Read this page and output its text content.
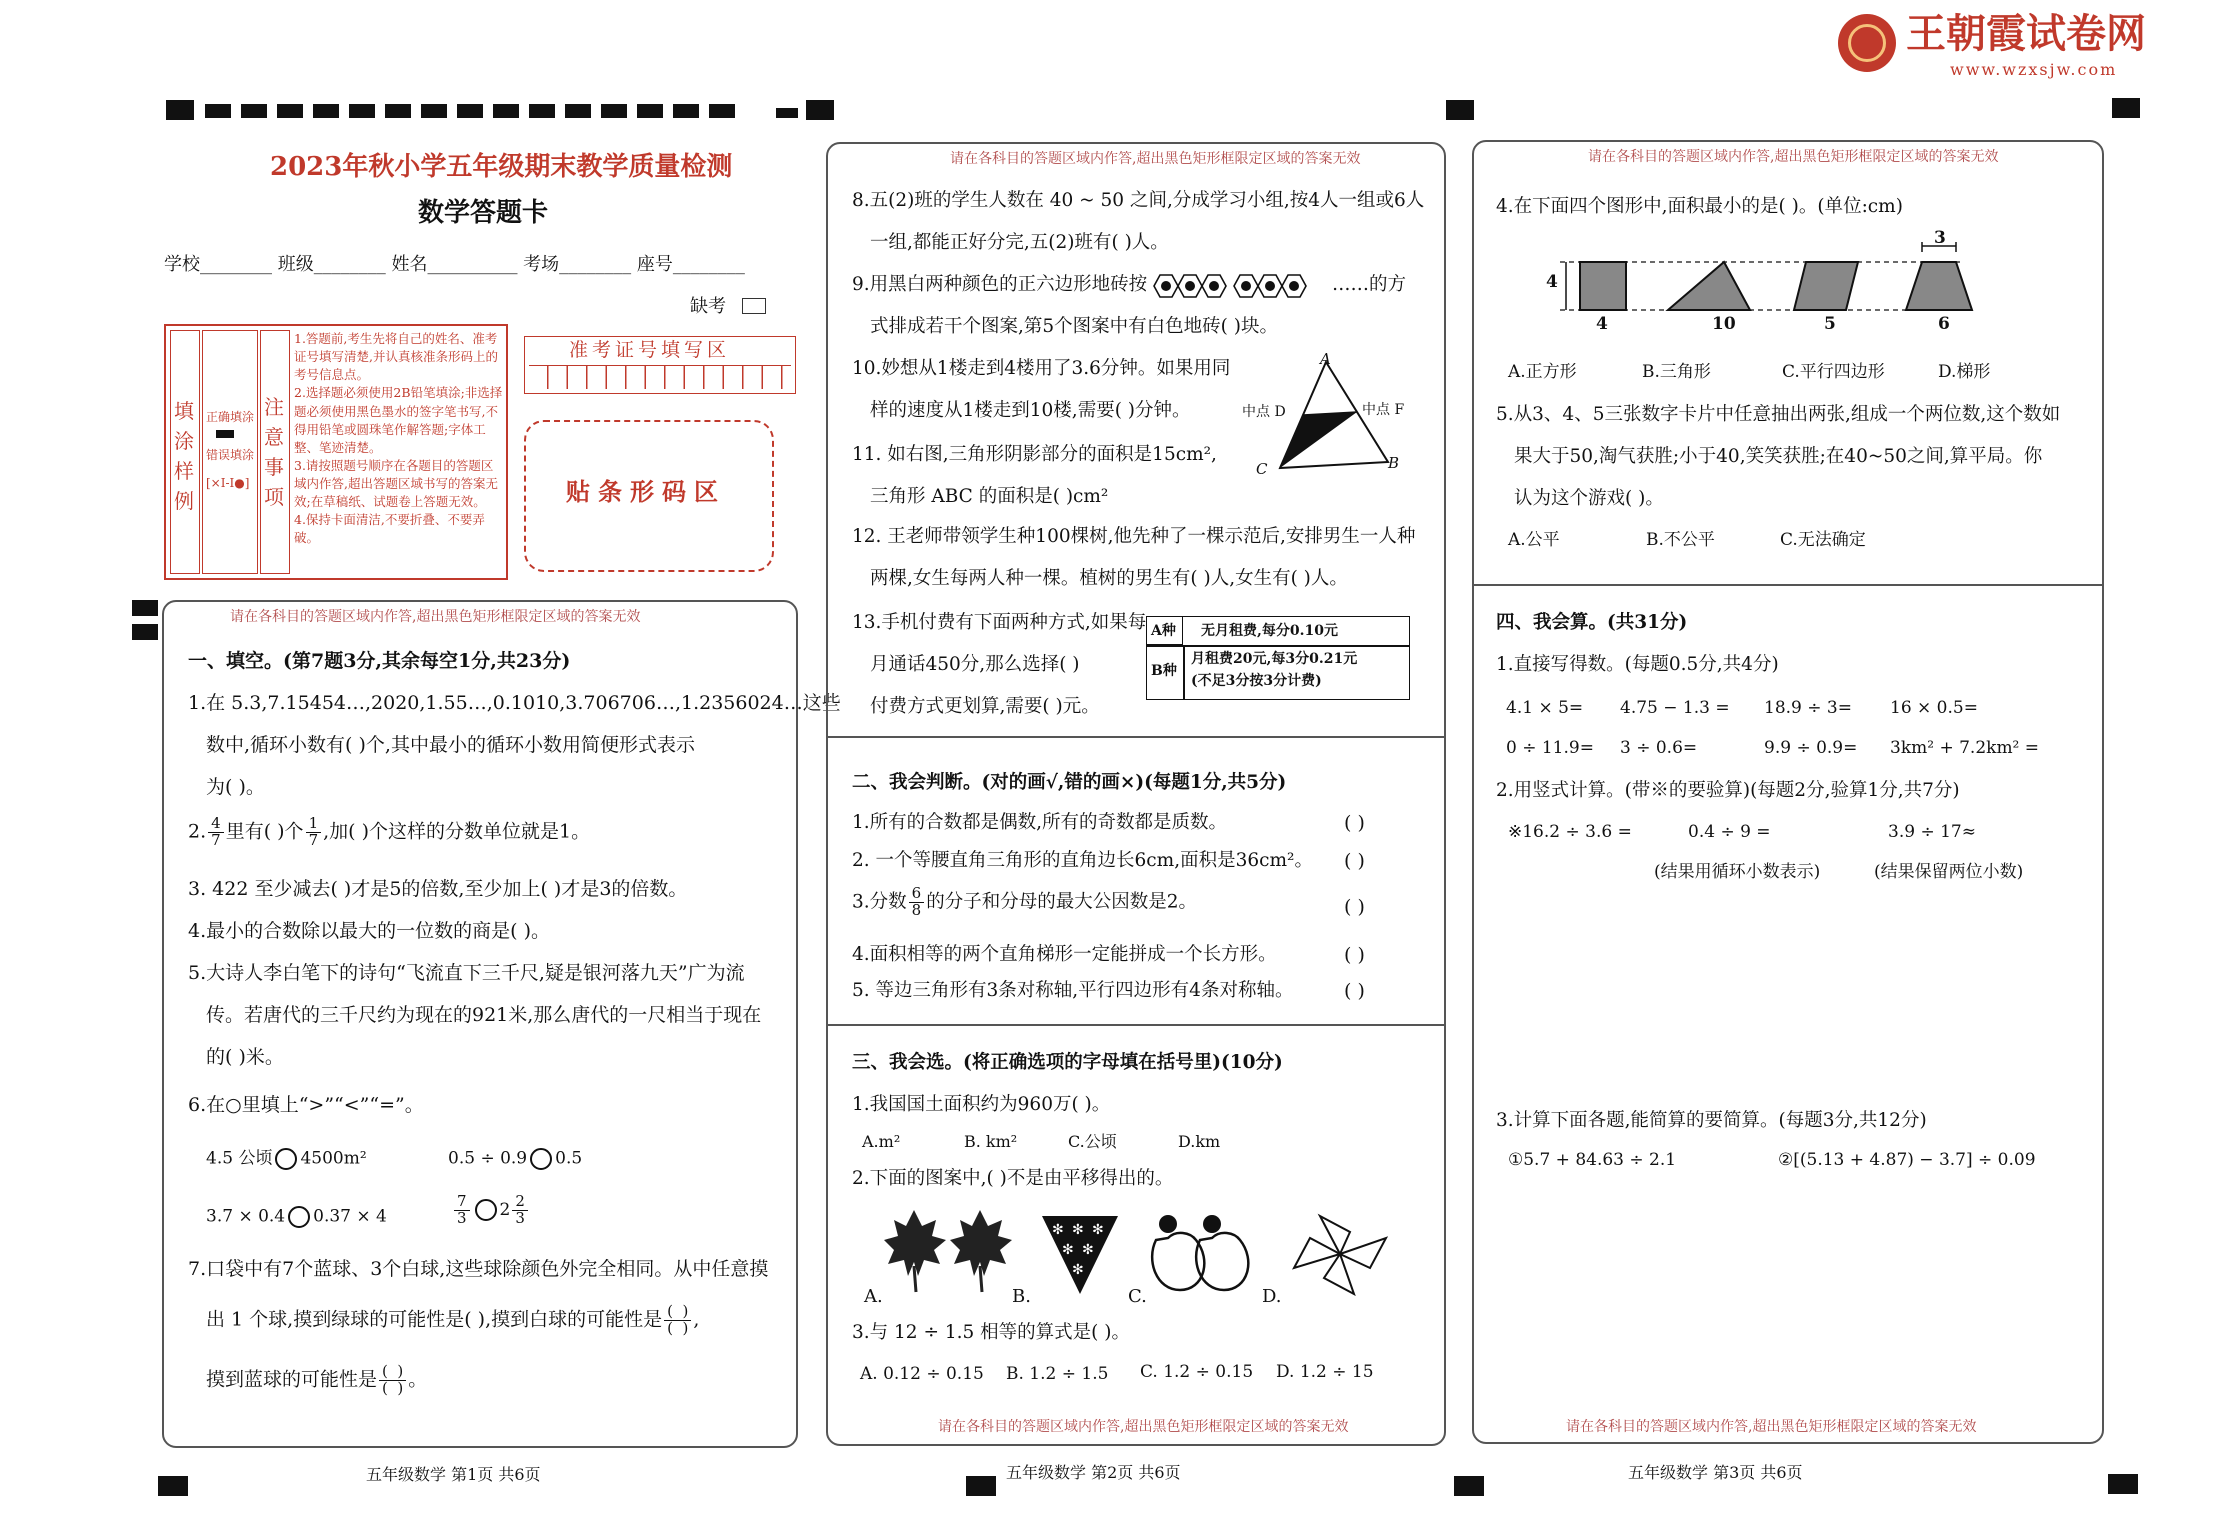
王朝霞试卷网
www.wzxsjw.com
2023年秋小学五年级期末教学质量检测
数学答题卡
学校________ 班级________ 姓名__________ 考场________ 座号________
缺考
填涂样例
正确填涂
错误填涂
[×I-I●]
注意事项
1.答题前,考生先将自己的姓名、准考证号填写清楚,并认真核准条形码上的考号信息点。
2.选择题必须使用2B铅笔填涂;非选择题必须使用黑色墨水的签字笔书写,不得用铅笔或圆珠笔作解答题;字体工整、笔迹清楚。
3.请按照题号顺序在各题目的答题区域内作答,超出答题区域书写的答案无效;在草稿纸、试题卷上答题无效。
4.保持卡面清洁,不要折叠、不要弄破。
准考证号填写区
贴条形码区
请在各科目的答题区域内作答,超出黑色矩形框限定区域的答案无效
一、填空。(第7题3分,其余每空1分,共23分)
1.在 5.3,7.15454…,2020,1.55…,0.1010,3.706706…,1.2356024…这些
数中,循环小数有( )个,其中最小的循环小数用简便形式表示
为( )。
2. $\frac{4}{7}$ 里有( )个 $\frac{1}{7}$ ,加( )个这样的分数单位就是1。
3. 422 至少减去( )才是5的倍数,至少加上( )才是3的倍数。
4.最小的合数除以最大的一位数的商是( )。
5.大诗人李白笔下的诗句“飞流直下三千尺,疑是银河落九天”广为流
传。若唐代的三千尺约为现在的921米,那么唐代的一尺相当于现在
的( )米。
6.在○里填上“>”“<”“=”。
4.5 公顷 4500m²	0.5 ÷ 0.9 0.5
3.7 × 0.4 0.37 × 4	$\frac{7}{3} 2 \frac{2}{3}$
7.口袋中有7个蓝球、3个白球,这些球除颜色外完全相同。从中任意摸
出 1 个球,摸到绿球的可能性是( ),摸到白球的可能性是 $\frac{( )}{( )}$ ,
摸到蓝球的可能性是 $\frac{( )}{( )}$ 。
五年级数学 第1页 共6页
请在各科目的答题区域内作答,超出黑色矩形框限定区域的答案无效
8.五(2)班的学生人数在 40 ~ 50 之间,分成学习小组,按4人一组或6人
一组,都能正好分完,五(2)班有( )人。
9.用黑白两种颜色的正六边形地砖按	……的方
式排成若干个图案,第5个图案中有白色地砖( )块。
10.妙想从1楼走到4楼用了3.6分钟。如果用同
样的速度从1楼走到10楼,需要( )分钟。
11. 如右图,三角形阴影部分的面积是15cm²,
三角形 ABC 的面积是( )cm²
A
中点 D	中点 F
C	B
12. 王老师带领学生种100棵树,他先种了一棵示范后,安排男生一人种
两棵,女生每两人种一棵。植树的男生有( )人,女生有( )人。
13.手机付费有下面两种方式,如果每
月通话450分,那么选择( )
付费方式更划算,需要( )元。
A种 无月租费,每分0.10元
B种
月租费20元,每3分0.21元
(不足3分按3分计费)
二、我会判断。(对的画√,错的画×)(每题1分,共5分)
1.所有的合数都是偶数,所有的奇数都是质数。	( )
2. 一个等腰直角三角形的直角边长6cm,面积是36cm²。 ( )
3.分数 $\frac{6}{8}$ 的分子和分母的最大公因数是2。	( )
4.面积相等的两个直角梯形一定能拼成一个长方形。	( )
5. 等边三角形有3条对称轴,平行四边形有4条对称轴。	( )
三、我会选。(将正确选项的字母填在括号里)(10分)
1.我国国土面积约为960万( )。
A.m²	B. km²	C.公顷	D.km
2.下面的图案中,( )不是由平移得出的。
A.
✻ ✻ ✻
✻ ✻
✻
B.	C.	D.
3.与 12 ÷ 1.5 相等的算式是( )。
A. 0.12 ÷ 0.15 B. 1.2 ÷ 1.5 C. 1.2 ÷ 0.15 D. 1.2 ÷ 15
请在各科目的答题区域内作答,超出黑色矩形框限定区域的答案无效
五年级数学 第2页 共6页
请在各科目的答题区域内作答,超出黑色矩形框限定区域的答案无效
4.在下面四个图形中,面积最小的是( )。(单位:cm)
4
4	10	5
3
6
A.正方形	B.三角形	C.平行四边形	D.梯形
5.从3、4、5三张数字卡片中任意抽出两张,组成一个两位数,这个数如
果大于50,淘气获胜;小于40,笑笑获胜;在40~50之间,算平局。你
认为这个游戏( )。
A.公平	B.不公平	C.无法确定
四、我会算。(共31分)
1.直接写得数。(每题0.5分,共4分)
4.1 × 5= 4.75 − 1.3 = 18.9 ÷ 3= 16 × 0.5=
0 ÷ 11.9= 3 ÷ 0.6=	9.9 ÷ 0.9= 3km² + 7.2km² =
2.用竖式计算。(带※的要验算)(每题2分,验算1分,共7分)
※16.2 ÷ 3.6 =	0.4 ÷ 9 =	3.9 ÷ 17≈
(结果用循环小数表示)	(结果保留两位小数)
3.计算下面各题,能简算的要简算。(每题3分,共12分)
①5.7 + 84.63 ÷ 2.1	②[(5.13 + 4.87) − 3.7] ÷ 0.09
请在各科目的答题区域内作答,超出黑色矩形框限定区域的答案无效
五年级数学 第3页 共6页
